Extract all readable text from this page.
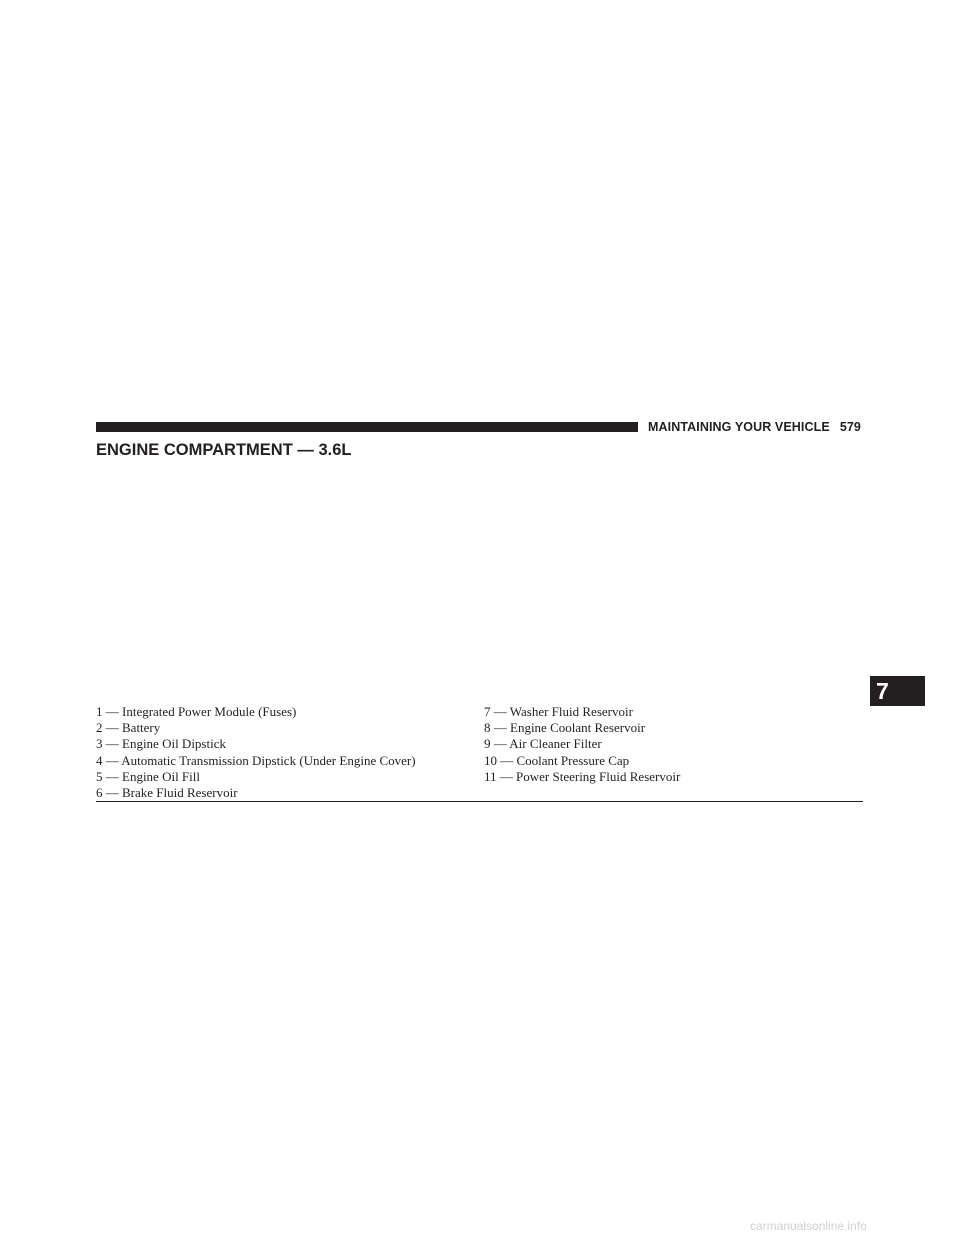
MAINTAINING YOUR VEHICLE 579
ENGINE COMPARTMENT — 3.6L
1 — Integrated Power Module (Fuses)
2 — Battery
3 — Engine Oil Dipstick
4 — Automatic Transmission Dipstick (Under Engine Cover)
5 — Engine Oil Fill
6 — Brake Fluid Reservoir
7 — Washer Fluid Reservoir
8 — Engine Coolant Reservoir
9 — Air Cleaner Filter
10 — Coolant Pressure Cap
11 — Power Steering Fluid Reservoir
7
carmanualsonline.info
